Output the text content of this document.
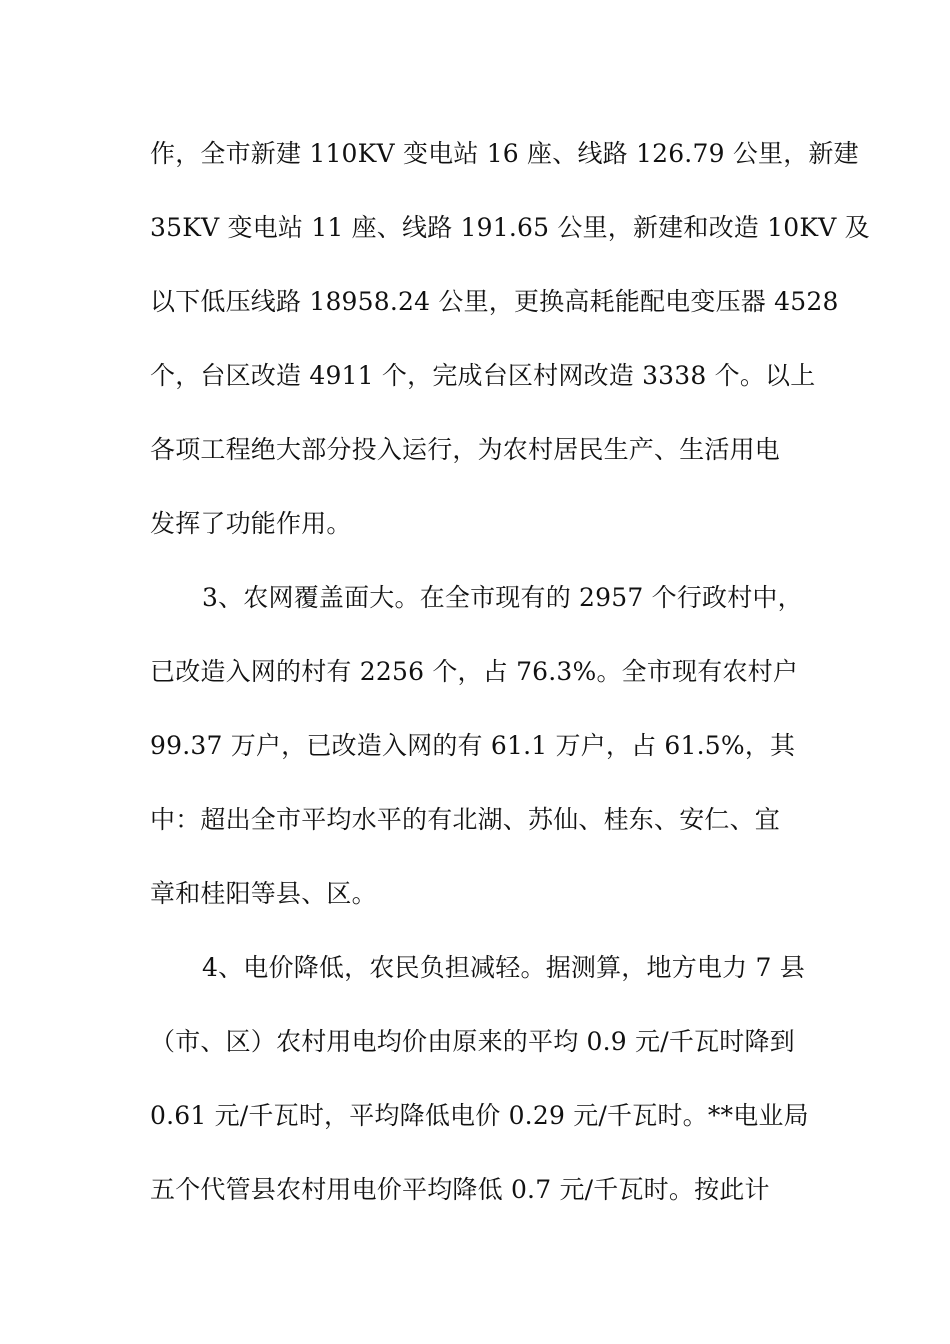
作，全市新建 110KV 变电站 16 座、线路 126.79 公里，新建
35KV 变电站 11 座、线路 191.65 公里，新建和改造 10KV 及
以下低压线路 18958.24 公里，更换高耗能配电变压器 4528
个，台区改造 4911 个，完成台区村网改造 3338 个。以上
各项工程绝大部分投入运行，为农村居民生产、生活用电
发挥了功能作用。
3、农网覆盖面大。在全市现有的 2957 个行政村中，
已改造入网的村有 2256 个，占 76.3%。全市现有农村户
99.37 万户，已改造入网的有 61.1 万户，占 61.5%，其
中：超出全市平均水平的有北湖、苏仙、桂东、安仁、宜
章和桂阳等县、区。
4、电价降低，农民负担减轻。据测算，地方电力 7 县
（市、区）农村用电均价由原来的平均 0.9 元/千瓦时降到
0.61 元/千瓦时，平均降低电价 0.29 元/千瓦时。**电业局
五个代管县农村用电价平均降低 0.7 元/千瓦时。按此计
